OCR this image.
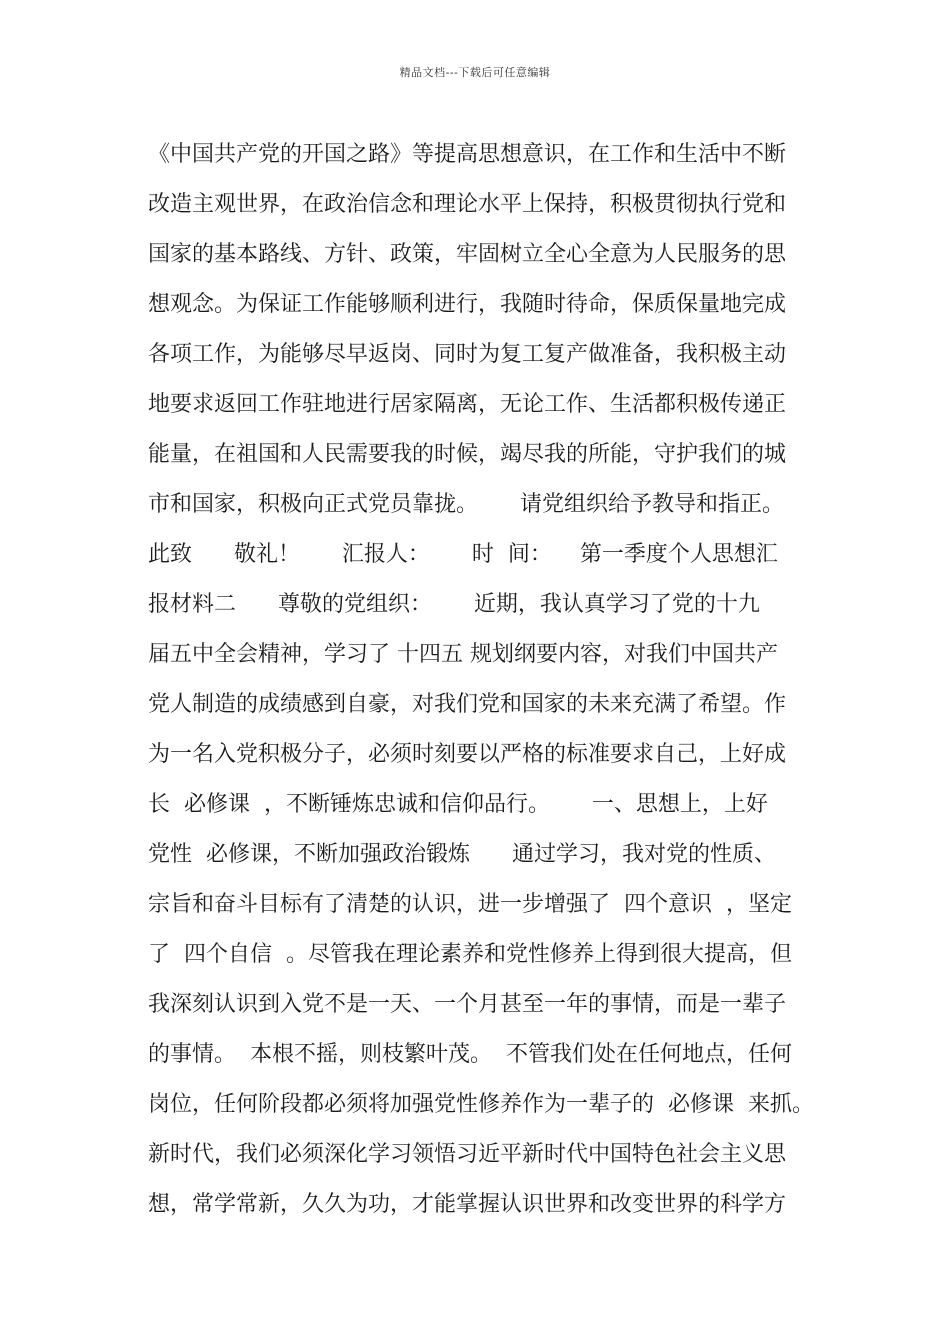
精品文档---下载后可任意编辑
《中国共产党的开国之路》等提高思想意识，在工作和生活中不断
改造主观世界，在政治信念和理论水平上保持，积极贯彻执行党和
国家的基本路线、方针、政策，牢固树立全心全意为人民服务的思
想观念。为保证工作能够顺利进行，我随时待命，保质保量地完成
各项工作，为能够尽早返岗、同时为复工复产做准备，我积极主动
地要求返回工作驻地进行居家隔离，无论工作、生活都积极传递正
能量，在祖国和人民需要我的时候，竭尽我的所能，守护我们的城
市和国家，积极向正式党员靠拢。      请党组织给予教导和指正。
此致      敬礼！      汇报人：      时  间：    第一季度个人思想汇
报材料二      尊敬的党组织：      近期，我认真学习了党的十九
届五中全会精神，学习了 十四五 规划纲要内容，对我们中国共产
党人制造的成绩感到自豪，对我们党和国家的未来充满了希望。作
为一名入党积极分子，必须时刻要以严格的标准要求自己，上好成
长  必修课  ，不断锤炼忠诚和信仰品行。      一、思想上，上好
党性  必修课，不断加强政治锻炼      通过学习，我对党的性质、
宗旨和奋斗目标有了清楚的认识，进一步增强了  四个意识  ，坚定
了  四个自信  。尽管我在理论素养和党性修养上得到很大提高，但
我深刻认识到入党不是一天、一个月甚至一年的事情，而是一辈子
的事情。  本根不摇，则枝繁叶茂。  不管我们处在任何地点，任何
岗位，任何阶段都必须将加强党性修养作为一辈子的  必修课  来抓。
新时代，我们必须深化学习领悟习近平新时代中国特色社会主义思
想，常学常新，久久为功，才能掌握认识世界和改变世界的科学方
